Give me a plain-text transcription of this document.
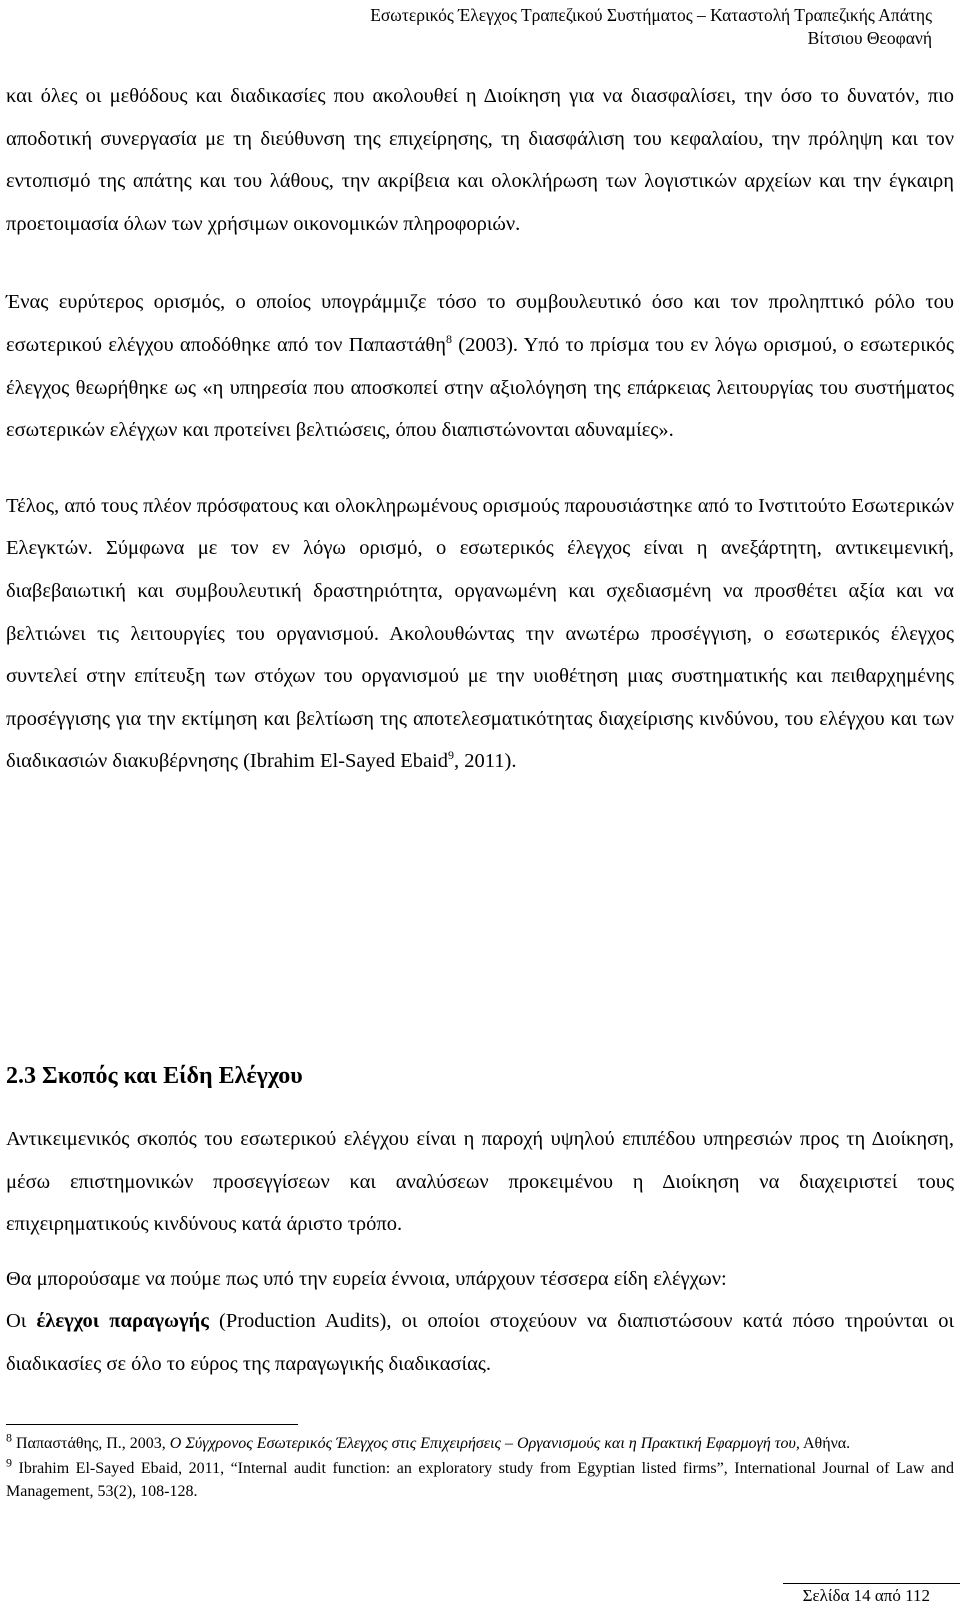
Εσωτερικός Έλεγχος Τραπεζικού Συστήματος – Καταστολή Τραπεζικής Απάτης
Βίτσιου Θεοφανή

και όλες οι μεθόδους και διαδικασίες που ακολουθεί η Διοίκηση για να διασφαλίσει, την όσο το δυνατόν, πιο αποδοτική συνεργασία με τη διεύθυνση της επιχείρησης, τη διασφάλιση του κεφαλαίου, την πρόληψη και τον εντοπισμό της απάτης και του λάθους, την ακρίβεια και ολοκλήρωση των λογιστικών αρχείων και την έγκαιρη προετοιμασία όλων των χρήσιμων οικονομικών πληροφοριών.

Ένας ευρύτερος ορισμός, ο οποίος υπογράμμιζε τόσο το συμβουλευτικό όσο και τον προληπτικό ρόλο του εσωτερικού ελέγχου αποδόθηκε από τον Παπαστάθη$^8$ (2003). Υπό το πρίσμα του εν λόγω ορισμού, ο εσωτερικός έλεγχος θεωρήθηκε ως «η υπηρεσία που αποσκοπεί στην αξιολόγηση της επάρκειας λειτουργίας του συστήματος εσωτερικών ελέγχων και προτείνει βελτιώσεις, όπου διαπιστώνονται αδυναμίες».

Τέλος, από τους πλέον πρόσφατους και ολοκληρωμένους ορισμούς παρουσιάστηκε από το Ινστιτούτο Εσωτερικών Ελεγκτών. Σύμφωνα με τον εν λόγω ορισμό, ο εσωτερικός έλεγχος είναι η ανεξάρτητη, αντικειμενική, διαβεβαιωτική και συμβουλευτική δραστηριότητα, οργανωμένη και σχεδιασμένη να προσθέτει αξία και να βελτιώνει τις λειτουργίες του οργανισμού. Ακολουθώντας την ανωτέρω προσέγγιση, ο εσωτερικός έλεγχος συντελεί στην επίτευξη των στόχων του οργανισμού με την υιοθέτηση μιας συστηματικής και πειθαρχημένης προσέγγισης για την εκτίμηση και βελτίωση της αποτελεσματικότητας διαχείρισης κινδύνου, του ελέγχου και των διαδικασιών διακυβέρνησης (Ibrahim El-Sayed Ebaid$^9$, 2011).

2.3 Σκοπός και Είδη Ελέγχου

Αντικειμενικός σκοπός του εσωτερικού ελέγχου είναι η παροχή υψηλού επιπέδου υπηρεσιών προς τη Διοίκηση, μέσω επιστημονικών προσεγγίσεων και αναλύσεων προκειμένου η Διοίκηση να διαχειριστεί τους επιχειρηματικούς κινδύνους κατά άριστο τρόπο.

Θα μπορούσαμε να πούμε πως υπό την ευρεία έννοια, υπάρχουν τέσσερα είδη ελέγχων:

Οι έλεγχοι παραγωγής (Production Audits), οι οποίοι στοχεύουν να διαπιστώσουν κατά πόσο τηρούνται οι διαδικασίες σε όλο το εύρος της παραγωγικής διαδικασίας.

$^8$ Παπαστάθης, Π., 2003, Ο Σύγχρονος Εσωτερικός Έλεγχος στις Επιχειρήσεις – Οργανισμούς και η Πρακτική Εφαρμογή του, Αθήνα.

$^9$ Ibrahim El-Sayed Ebaid, 2011, “Internal audit function: an exploratory study from Egyptian listed firms”, International Journal of Law and Management, 53(2), 108-128.

Σελίδα 14 από 112
